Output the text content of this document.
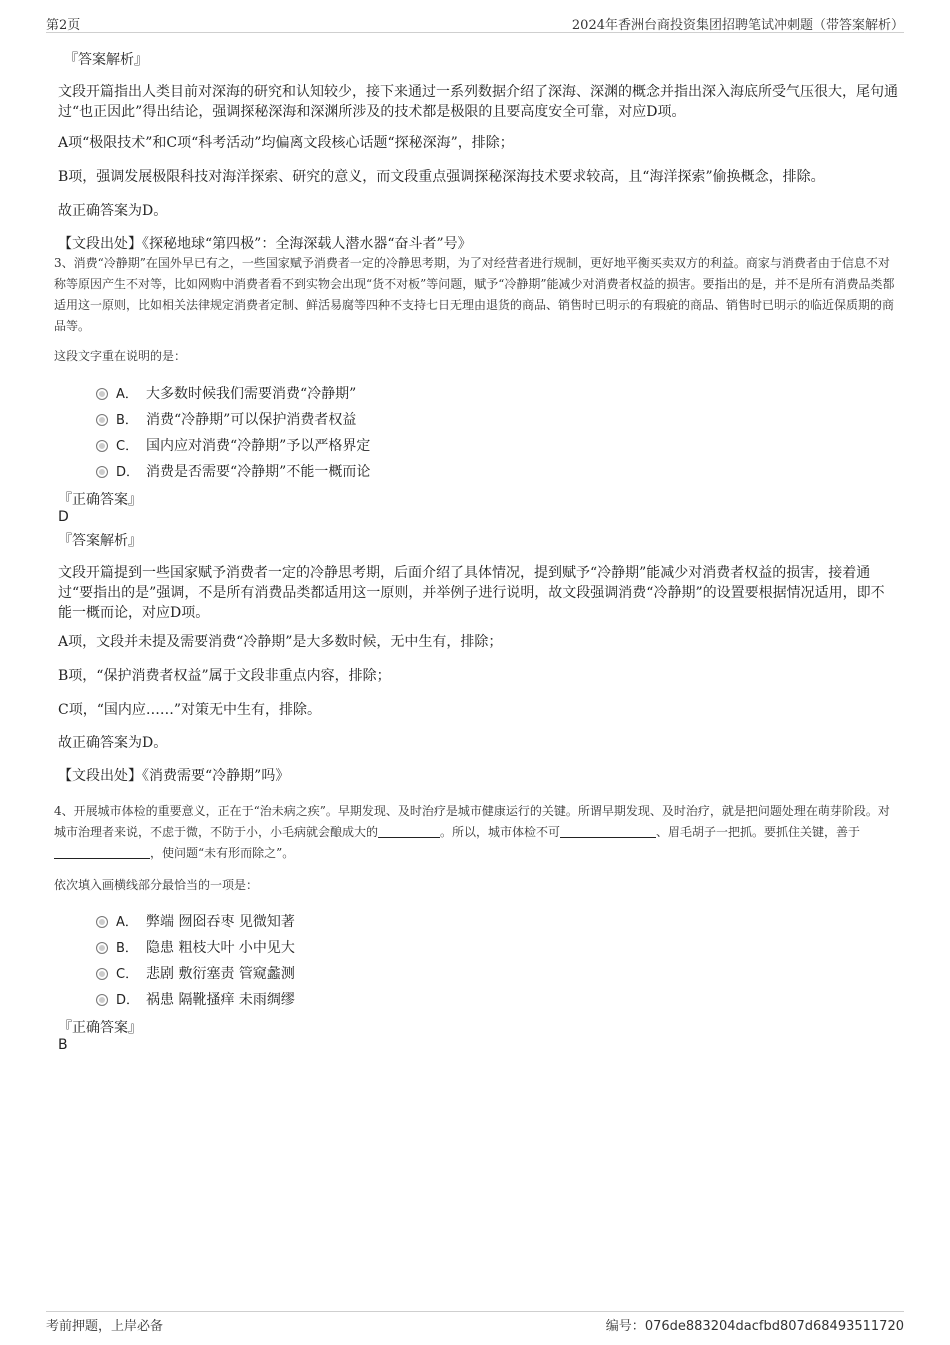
第2页	2024年香洲台商投资集团招聘笔试冲刺题（带答案解析）
『答案解析』
文段开篇指出人类目前对深海的研究和认知较少，接下来通过一系列数据介绍了深海、深渊的概念并指出深入海底所受气压很大，尾句通过“也正因此”得出结论，强调探秘深海和深渊所涉及的技术都是极限的且要高度安全可靠，对应D项。
A项“极限技术”和C项“科考活动”均偏离文段核心话题“探秘深海”，排除；
B项，强调发展极限科技对海洋探索、研究的意义，而文段重点强调探秘深海技术要求较高，且“海洋探索”偷换概念，排除。
故正确答案为D。
【文段出处】《探秘地球“第四极”：全海深载人潜水器“奋斗者”号》
3、消费“冷静期”在国外早已有之，一些国家赋予消费者一定的冷静思考期，为了对经营者进行规制，更好地平衡买卖双方的利益。商家与消费者由于信息不对称等原因产生不对等，比如网购中消费者看不到实物会出现“货不对板”等问题，赋予“冷静期”能减少对消费者权益的损害。要指出的是，并不是所有消费品类都适用这一原则，比如相关法律规定消费者定制、鲜活易腐等四种不支持七日无理由退货的商品、销售时已明示的有瑕疵的商品、销售时已明示的临近保质期的商品等。
这段文字重在说明的是：
A． 大多数时候我们需要消费“冷静期”
B． 消费“冷静期”可以保护消费者权益
C． 国内应对消费“冷静期”予以严格界定
D． 消费是否需要“冷静期”不能一概而论
『正确答案』
D
『答案解析』
文段开篇提到一些国家赋予消费者一定的冷静思考期，后面介绍了具体情况，提到赋予“冷静期”能减少对消费者权益的损害，接着通过“要指出的是”强调，不是所有消费品类都适用这一原则，并举例子进行说明，故文段强调消费“冷静期”的设置要根据情况适用，即不能一概而论，对应D项。
A项，文段并未提及需要消费“冷静期”是大多数时候，无中生有，排除；
B项，“保护消费者权益”属于文段非重点内容，排除；
C项，“国内应……”对策无中生有，排除。
故正确答案为D。
【文段出处】《消费需要“冷静期”吗》
4、开展城市体检的重要意义，正在于“治未病之疾”。早期发现、及时治疗是城市健康运行的关键。所谓早期发现、及时治疗，就是把问题处理在萌芽阶段。对城市治理者来说，不虑于微，不防于小，小毛病就会酿成大的	。所以，城市体检不可	、眉毛胡子一把抓。要抓住关键，善于，使问题“未有形而除之”。
依次填入画横线部分最恰当的一项是：
A． 弊端 囫囵吞枣 见微知著
B． 隐患 粗枝大叶 小中见大
C． 悲剧 敷衍塞责 管窥蠡测
D． 祸患 隔靴搔痒 未雨绸缪
『正确答案』
B
考前押题，上岸必备	编号：076de883204dacfbd807d68493511720
